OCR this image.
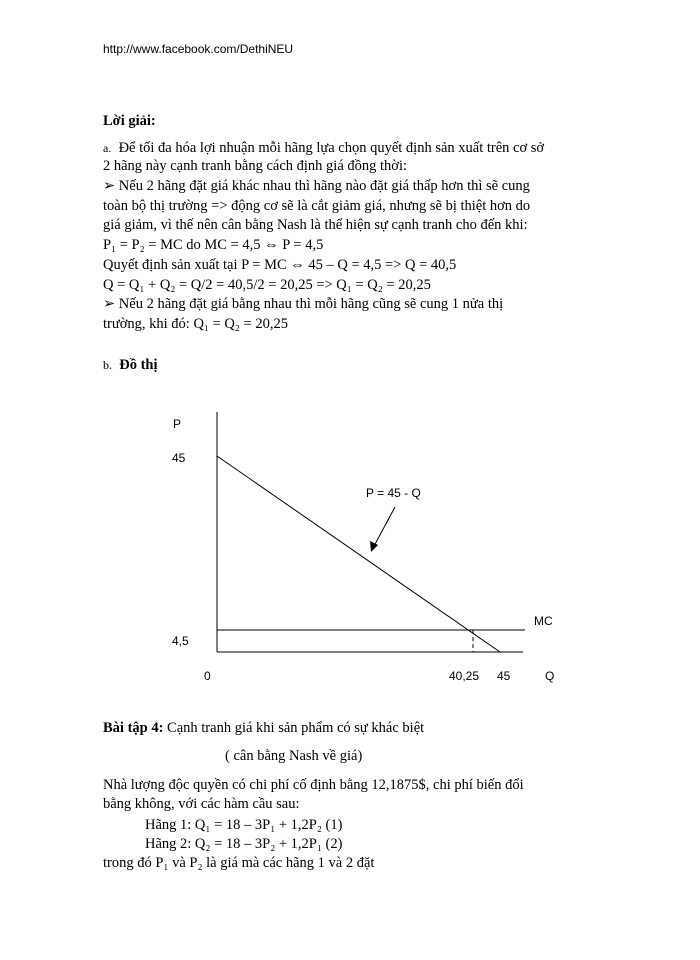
http://www.facebook.com/DethiNEU
Lời giải:
a. Để tối đa hóa lợi nhuận mỗi hãng lựa chọn quyết định sản xuất trên cơ sở
2 hãng này cạnh tranh bằng cách định giá đồng thời:
➢ Nếu 2 hãng đặt giá khác nhau thì hãng nào đặt giá thấp hơn thì sẽ cung
toàn bộ thị trường => động cơ sẽ là cắt giảm giá, nhưng sẽ bị thiệt hơn do
giá giảm, vì thế nên cân bằng Nash là thể hiện sự cạnh tranh cho đến khi:
P₁ = P₂ = MC do MC = 4,5 ⇔ P = 4,5
Quyết định sản xuất tại P = MC ⇔ 45 – Q = 4,5 => Q = 40,5
Q = Q₁ + Q₂ = Q/2 = 40,5/2 = 20,25 => Q₁ = Q₂ = 20,25
➢ Nếu 2 hãng đặt giá bằng nhau thì mỗi hãng cũng sẽ cung 1 nửa thị
trường, khi đó: Q₁ = Q₂ = 20,25
b. Đồ thị
P
Q
45
4,5
0	40,25 45
P = 45 - Q
MC
Bài tập 4: Cạnh tranh giá khi sản phẩm có sự khác biệt
( cân bằng Nash về giá)
Nhà lượng độc quyền có chi phí cố định bằng 12,1875$, chi phí biến đổi
bằng không, với các hàm cầu sau:
Hãng 1: Q₁ = 18 – 3P₁ + 1,2P₂ (1)
Hãng 2: Q₂ = 18 – 3P₂ + 1,2P₁ (2)
trong đó P₁ và P₂ là giá mà các hãng 1 và 2 đặt
